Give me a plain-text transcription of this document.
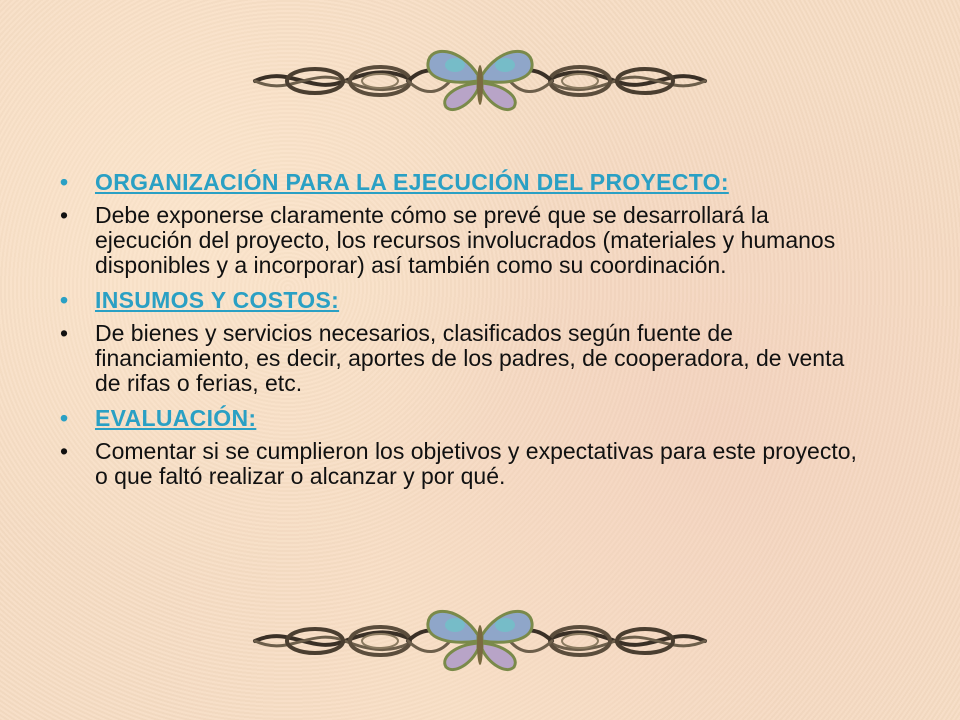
•	ORGANIZACIÓN PARA LA EJECUCIÓN DEL PROYECTO:
•	Debe exponerse claramente cómo se prevé que se desarrollará la ejecución del proyecto, los recursos involucrados (materiales y humanos disponibles y a incorporar) así también como su coordinación.
•	INSUMOS Y COSTOS:
•	De bienes y servicios necesarios, clasificados según fuente de financiamiento, es decir, aportes de los padres, de cooperadora, de venta de rifas o ferias, etc.
•	EVALUACIÓN:
•	Comentar si se cumplieron los objetivos y expectativas para este proyecto, o que faltó realizar o alcanzar y por qué.
